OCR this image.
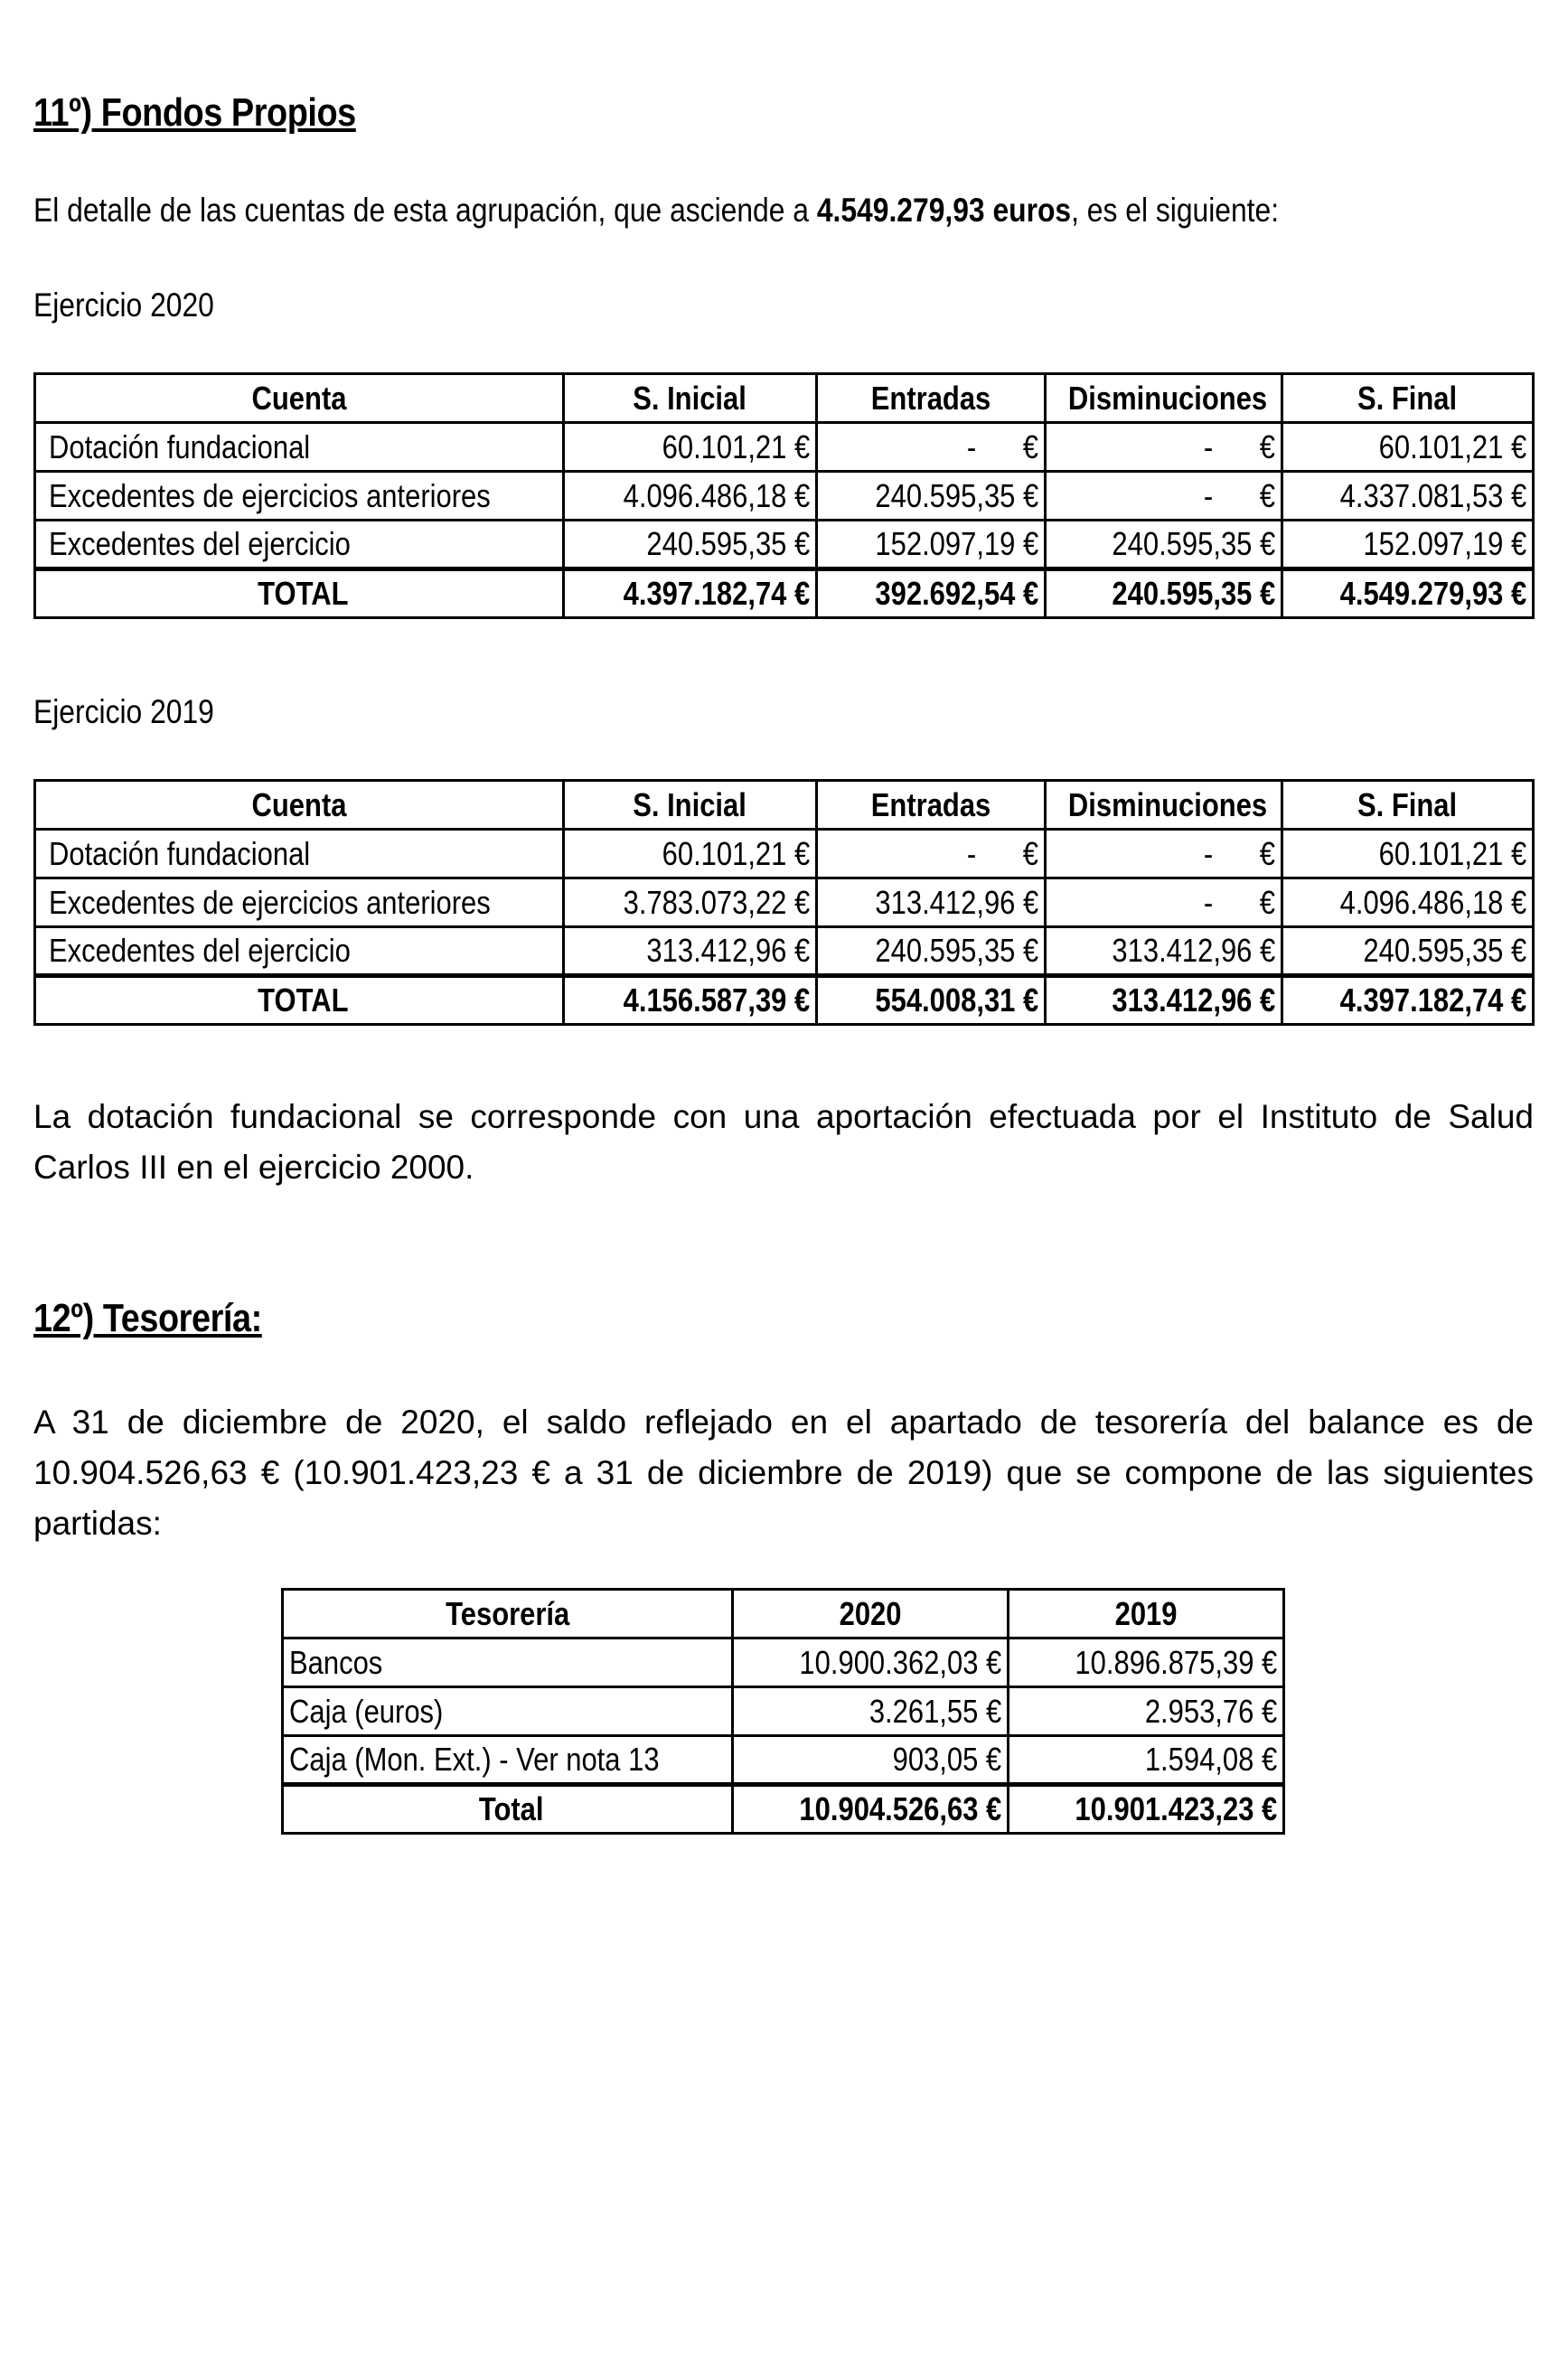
11º) Fondos Propios
El detalle de las cuentas de esta agrupación, que asciende a 4.549.279,93 euros, es el siguiente:
Ejercicio 2020
Cuenta	S. Inicial	Entradas	Disminuciones	S. Final
Dotación fundacional	60.101,21 €	-      €	-      €	60.101,21 €
Excedentes de ejercicios anteriores	4.096.486,18 €	240.595,35 €	-      €	4.337.081,53 €
Excedentes del ejercicio	240.595,35 €	152.097,19 €	240.595,35 €	152.097,19 €
TOTAL	4.397.182,74 €	392.692,54 €	240.595,35 €	4.549.279,93 €
Ejercicio 2019
Cuenta	S. Inicial	Entradas	Disminuciones	S. Final
Dotación fundacional	60.101,21 €	-      €	-      €	60.101,21 €
Excedentes de ejercicios anteriores	3.783.073,22 €	313.412,96 €	-      €	4.096.486,18 €
Excedentes del ejercicio	313.412,96 €	240.595,35 €	313.412,96 €	240.595,35 €
TOTAL	4.156.587,39 €	554.008,31 €	313.412,96 €	4.397.182,74 €
La dotación fundacional se corresponde con una aportación efectuada por el Instituto de Salud Carlos III en el ejercicio 2000.
12º) Tesorería:
A 31 de diciembre de 2020, el saldo reflejado en el apartado de tesorería del balance es de 10.904.526,63 € (10.901.423,23 € a 31 de diciembre de 2019) que se compone de las siguientes partidas:
Tesorería	2020	2019
Bancos	10.900.362,03 €	10.896.875,39 €
Caja (euros)	3.261,55 €	2.953,76 €
Caja (Mon. Ext.) - Ver nota 13	903,05 €	1.594,08 €
Total	10.904.526,63 €	10.901.423,23 €
